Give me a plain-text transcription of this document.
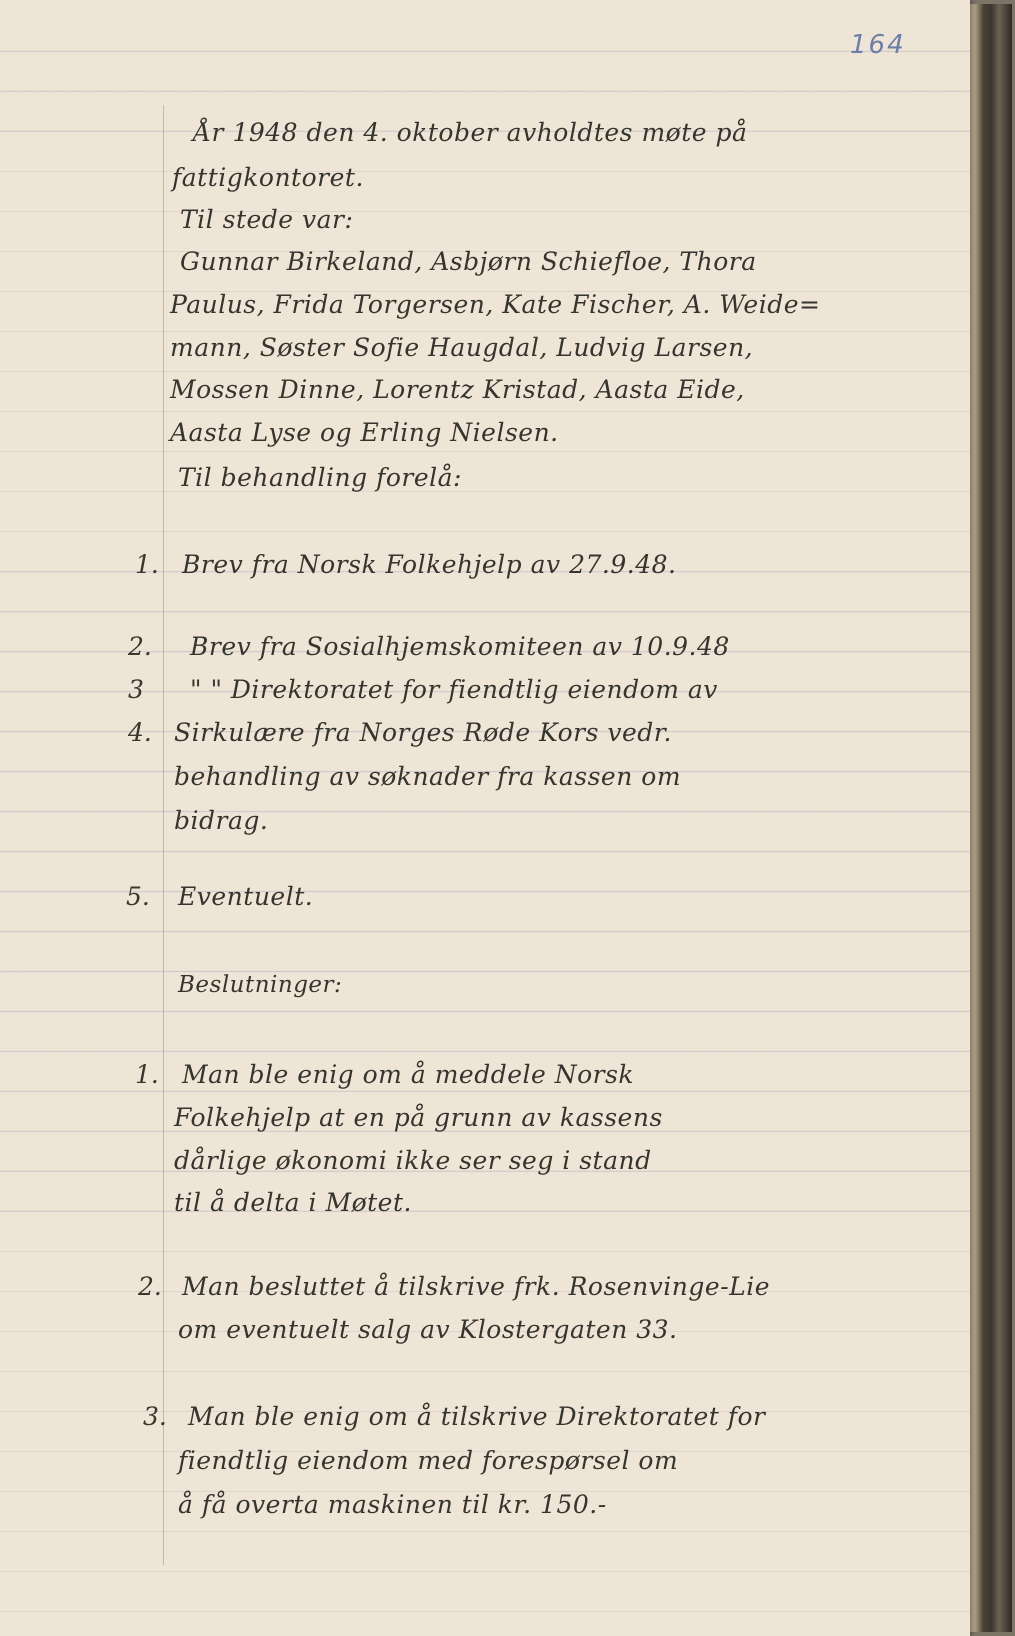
164
År 1948 den 4. oktober avholdtes møte på
fattigkontoret.
Til stede var:
Gunnar Birkeland, Asbjørn Schiefloe, Thora
Paulus, Frida Torgersen, Kate Fischer, A. Weide=
mann, Søster Sofie Haugdal, Ludvig Larsen,
Mossen Dinne, Lorentz Kristad, Aasta Eide,
Aasta Lyse og Erling Nielsen.
Til behandling forelå:
1. Brev fra Norsk Folkehjelp av 27.9.48.
2. Brev fra Sosialhjemskomiteen av 10.9.48
3 " " Direktoratet for fiendtlig eiendom av
4. Sirkulære fra Norges Røde Kors vedr.
behandling av søknader fra kassen om
bidrag.
5. Eventuelt.
Beslutninger:
1. Man ble enig om å meddele Norsk
Folkehjelp at en på grunn av kassens
dårlige økonomi ikke ser seg i stand
til å delta i Møtet.
2. Man besluttet å tilskrive frk. Rosenvinge-Lie
om eventuelt salg av Klostergaten 33.
3. Man ble enig om å tilskrive Direktoratet for
fiendtlig eiendom med forespørsel om
å få overta maskinen til kr. 150.-
